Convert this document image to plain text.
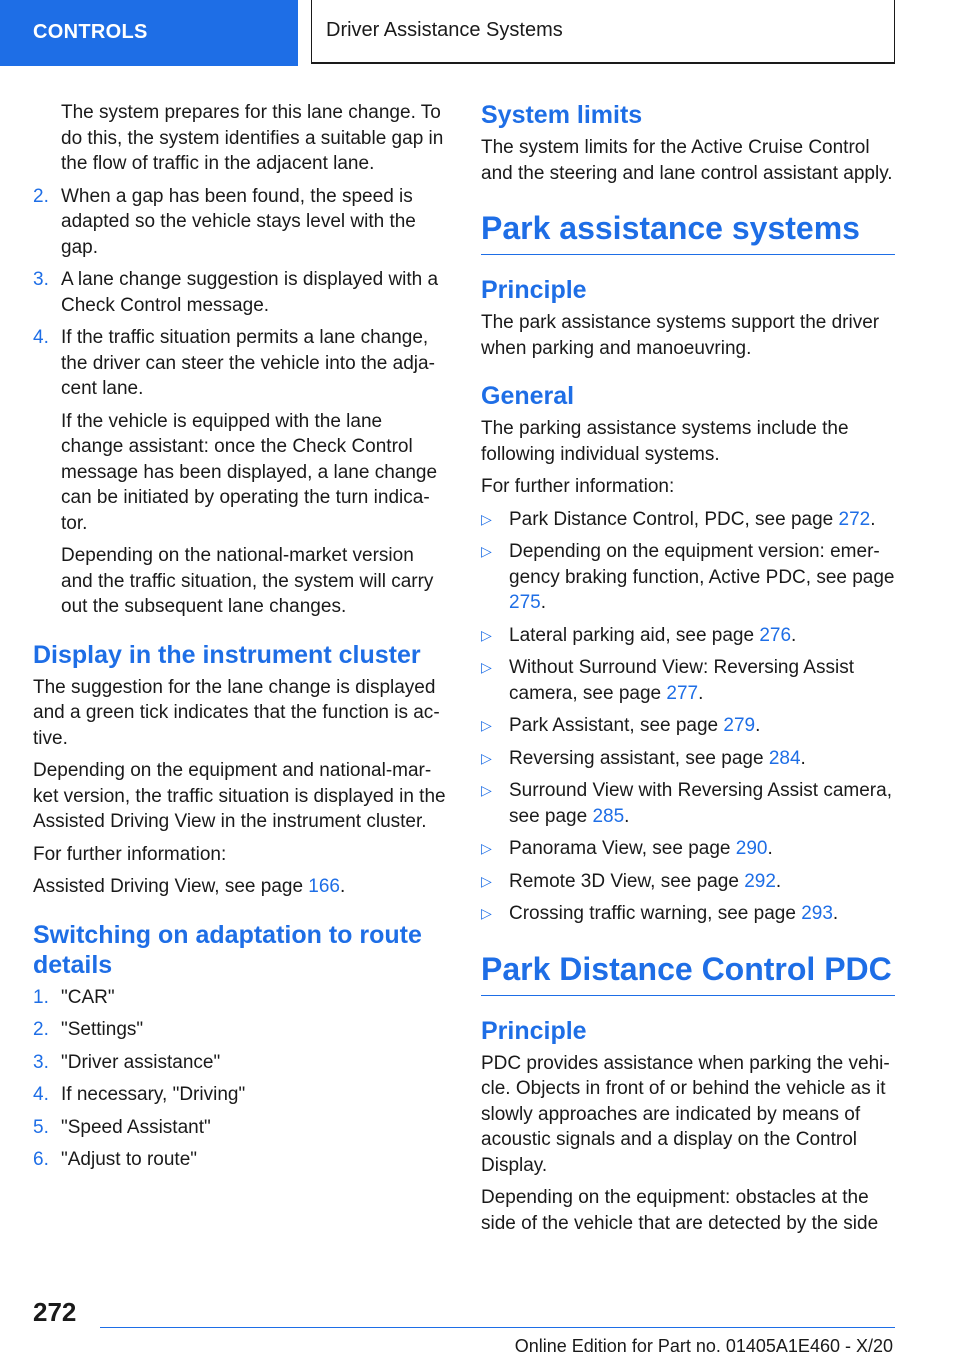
CONTROLS	Driver Assistance Systems

The system prepares for this lane change. To do this, the system identifies a suitable gap in the flow of traffic in the adjacent lane.

2. When a gap has been found, the speed is adapted so the vehicle stays level with the gap.
3. A lane change suggestion is displayed with a Check Control message.
4. If the traffic situation permits a lane change, the driver can steer the vehicle into the adjacent lane.

If the vehicle is equipped with the lane change assistant: once the Check Control message has been displayed, a lane change can be initiated by operating the turn indicator.

Depending on the national-market version and the traffic situation, the system will carry out the subsequent lane changes.

Display in the instrument cluster

The suggestion for the lane change is displayed and a green tick indicates that the function is active.

Depending on the equipment and national-market version, the traffic situation is displayed in the Assisted Driving View in the instrument cluster.

For further information:

Assisted Driving View, see page 166.

Switching on adaptation to route details
1. "CAR"
2. "Settings"
3. "Driver assistance"
4. If necessary, "Driving"
5. "Speed Assistant"
6. "Adjust to route"
System limits

The system limits for the Active Cruise Control and the steering and lane control assistant apply.

Park assistance systems
Principle

The park assistance systems support the driver when parking and manoeuvring.

General

The parking assistance systems include the following individual systems.

For further information:

▷ Park Distance Control, PDC, see page 272.
▷ Depending on the equipment version: emergency braking function, Active PDC, see page 275.
▷ Lateral parking aid, see page 276.
▷ Without Surround View: Reversing Assist camera, see page 277.
▷ Park Assistant, see page 279.
▷ Reversing assistant, see page 284.
▷ Surround View with Reversing Assist camera, see page 285.
▷ Panorama View, see page 290.
▷ Remote 3D View, see page 292.
▷ Crossing traffic warning, see page 293.
Park Distance Control PDC
Principle

PDC provides assistance when parking the vehicle. Objects in front of or behind the vehicle as it slowly approaches are indicated by means of acoustic signals and a display on the Control Display.

Depending on the equipment: obstacles at the side of the vehicle that are detected by the side

272
Online Edition for Part no. 01405A1E460 - X/20
